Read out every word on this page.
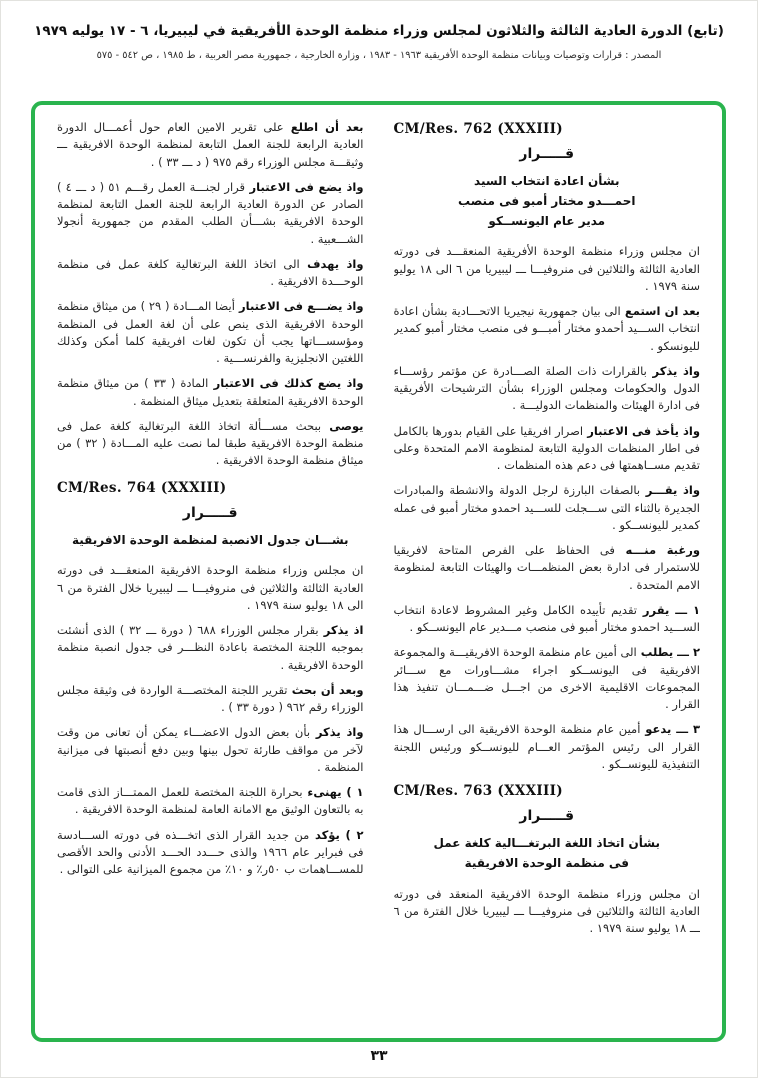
(تابع) الدورة العادية الثالثة والثلاثون لمجلس وزراء منظمة الوحدة الأفريقية في ليبيريا، ٦ - ١٧ يوليه ١٩٧٩
المصدر : قرارات وتوصيات وبيانات منظمة الوحدة الأفريقية ١٩٦٣ - ١٩٨٣ ، وزارة الخارجية ، جمهورية مصر العربية ، ط ١٩٨٥ ، ص ٥٤٢ - ٥٧٥
CM/Res. 762 (XXXIII)
قـــــرار
بشأن اعادة انتخاب السيد
احمـــدو مختار أمبو فى منصب
مدير عام اليونســكو

ان مجلس وزراء منظمة الوحدة الأفريقية المنعقـــد فى دورته العادية الثالثة والثلاثين فى منروفيـــا ـــ ليبيريا من ٦ الى ١٨ يوليو سنة ١٩٧٩ .

بعد ان استمع الى بيان جمهورية نيجيريا الاتحـــادية بشأن اعادة انتخاب الســـيد أحمدو مختار أمبـــو فى منصب مختار أمبو كمدير لليونسكو .

واذ يذكر بالقرارات ذات الصلة الصـــادرة عن مؤتمر رؤســـاء الدول والحكومات ومجلس الوزراء بشأن الترشيحات الأفريقية فى ادارة الهيئات والمنظمات الدوليـــة .

واذ يأخذ فى الاعتبار اصرار افريقيا على القيام بدورها بالكامل فى اطار المنظمات الدولية التابعة لمنظومة الامم المتحدة وعلى تقديم مســاهمتها فى دعم هذه المنظمات .

واذ يقـــر بالصفات البارزة لرجل الدولة والانشطة والمبادرات الجديرة بالثناء التى ســـجلت للســـيد احمدو مختار أمبو فى عمله كمدير لليونســكو .

ورغبة منـــه فى الحفاظ على الفرص المتاحة لافريقيا للاستمرار فى ادارة بعض المنظمـــات والهيئات التابعة لمنظومة الامم المتحدة .

١ ـــ يقرر تقديم تأييده الكامل وغير المشروط لاعادة انتخاب الســـيد احمدو مختار أمبو فى منصب مـــدير عام اليونســكو .

٢ ـــ يطلب الى أمين عام منظمة الوحدة الافريقيـــة والمجموعة الافريقية فى اليونســكو اجراء مشـــاورات مع ســـائر المجموعات الاقليمية الاخرى من اجـــل ضـــمـــان تنفيذ هذا القرار .

٣ ـــ يدعو أمين عام منظمة الوحدة الافريقية الى ارســـال هذا القرار الى رئيس المؤتمر العـــام لليونســكو ورئيس اللجنة التنفيذية لليونســكو .

CM/Res. 763 (XXXIII)
قـــــرار
بشأن اتخاذ اللغة البرتغـــالية كلغة عمل
فى منظمة الوحدة الافريقية

ان مجلس وزراء منظمة الوحدة الافريقية المنعقد فى دورته العادية الثالثة والثلاثين فى منروفيـــا ـــ ليبيريا خلال الفترة من ٦ ـــ ١٨ يوليو سنة ١٩٧٩ .

بعد أن اطلع على تقرير الامين العام حول أعمـــال الدورة العادية الرابعة للجنة العمل التابعة لمنظمة الوحدة الافريقية ـــ وثيقـــة مجلس الوزراء رقم ٩٧٥ ( د ـــ ٣٣ ) .

واذ يضع فى الاعتبار قرار لجنـــة العمل رقـــم ٥١ ( د ـــ ٤ ) الصادر عن الدورة العادية الرابعة للجنة العمل التابعة لمنظمة الوحدة الافريقية بشـــأن الطلب المقدم من جمهورية أنجولا الشـــعبية .

واذ يهدف الى اتخاذ اللغة البرتغالية كلغة عمل فى منظمة الوحـــدة الافريقية .

واذ يضـــع فى الاعتبار أيضا المـــادة ( ٢٩ ) من ميثاق منظمة الوحدة الافريقية الذى ينص على أن لغة العمل فى المنظمة ومؤسســـاتها يجب أن تكون لغات افريقية كلما أمكن وكذلك اللغتين الانجليزية والفرنســـية .

واذ يضع كذلك فى الاعتبار المادة ( ٣٣ ) من ميثاق منظمة الوحدة الافريقية المتعلقة بتعديل ميثاق المنظمة .

يوصى ببحث مســـألة اتخاذ اللغة البرتغالية كلغة عمل فى منظمة الوحدة الافريقية طبقا لما نصت عليه المـــادة ( ٣٢ ) من ميثاق منظمة الوحدة الافريقية .

CM/Res. 764 (XXXIII)
قـــــرار
بشـــان جدول الانصبة لمنظمة الوحدة الافريقية

ان مجلس وزراء منظمة الوحدة الافريقية المنعقـــد فى دورته العادية الثالثة والثلاثين فى منروفيـــا ـــ ليبيريا خلال الفترة من ٦ الى ١٨ يوليو سنة ١٩٧٩ .

اذ يذكر بقرار مجلس الوزراء ٦٨٨ ( دورة ـــ ٣٢ ) الذى أنشئت بموجبه اللجنة المختصة باعادة النظـــر فى جدول انصبة منظمة الوحدة الافريقية .

وبعد أن بحث تقرير اللجنة المختصـــة الواردة فى وثيقة مجلس الوزراء رقم ٩٦٢ ( دورة ٣٣ ) .

واذ يذكر بأن بعض الدول الاعضـــاء يمكن أن تعانى من وقت لآخر من مواقف طارئة تحول بينها وبين دفع أنصبتها فى ميزانية المنظمة .

١ ) يهنىء بحرارة اللجنة المختصة للعمل الممتـــاز الذى قامت به بالتعاون الوثيق مع الامانة العامة لمنظمة الوحدة الافريقية .

٢ ) يؤكد من جديد القرار الذى اتخـــذه فى دورته الســـادسة فى فبراير عام ١٩٦٦ والذى حـــدد الحـــد الأدنى والحد الأقصى للمســـاهمات ب ٥٠ر٪ و ١٠٪ من مجموع الميزانية على التوالى .

٣٣
